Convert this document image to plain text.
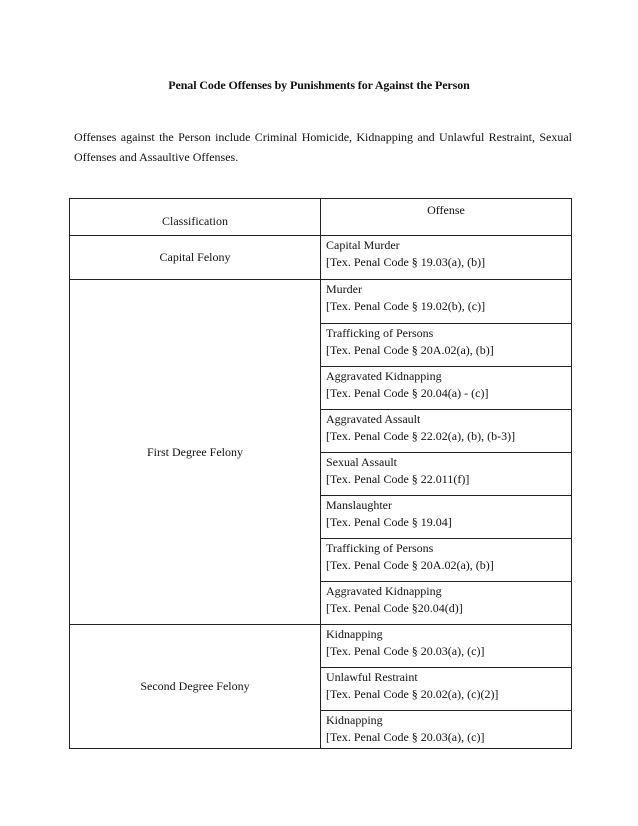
Penal Code Offenses by Punishments for Against the Person
Offenses against the Person include Criminal Homicide, Kidnapping and Unlawful Restraint, Sexual Offenses and Assaultive Offenses.
Classification	Offense
Capital Felony	Capital Murder
[Tex. Penal Code § 19.03(a), (b)]

First Degree Felony	Murder
[Tex. Penal Code § 19.02(b), (c)]

	Trafficking of Persons
[Tex. Penal Code § 20A.02(a), (b)]

	Aggravated Kidnapping
[Tex. Penal Code § 20.04(a) - (c)]

	Aggravated Assault
[Tex. Penal Code § 22.02(a), (b), (b-3)]

	Sexual Assault
[Tex. Penal Code § 22.011(f)]

	Manslaughter
[Tex. Penal Code § 19.04]

	Trafficking of Persons
[Tex. Penal Code § 20A.02(a), (b)]

	Aggravated Kidnapping
[Tex. Penal Code §20.04(d)]

Second Degree Felony	Kidnapping
[Tex. Penal Code § 20.03(a), (c)]

	Unlawful Restraint
[Tex. Penal Code § 20.02(a), (c)(2)]

	Kidnapping
[Tex. Penal Code § 20.03(a), (c)]
